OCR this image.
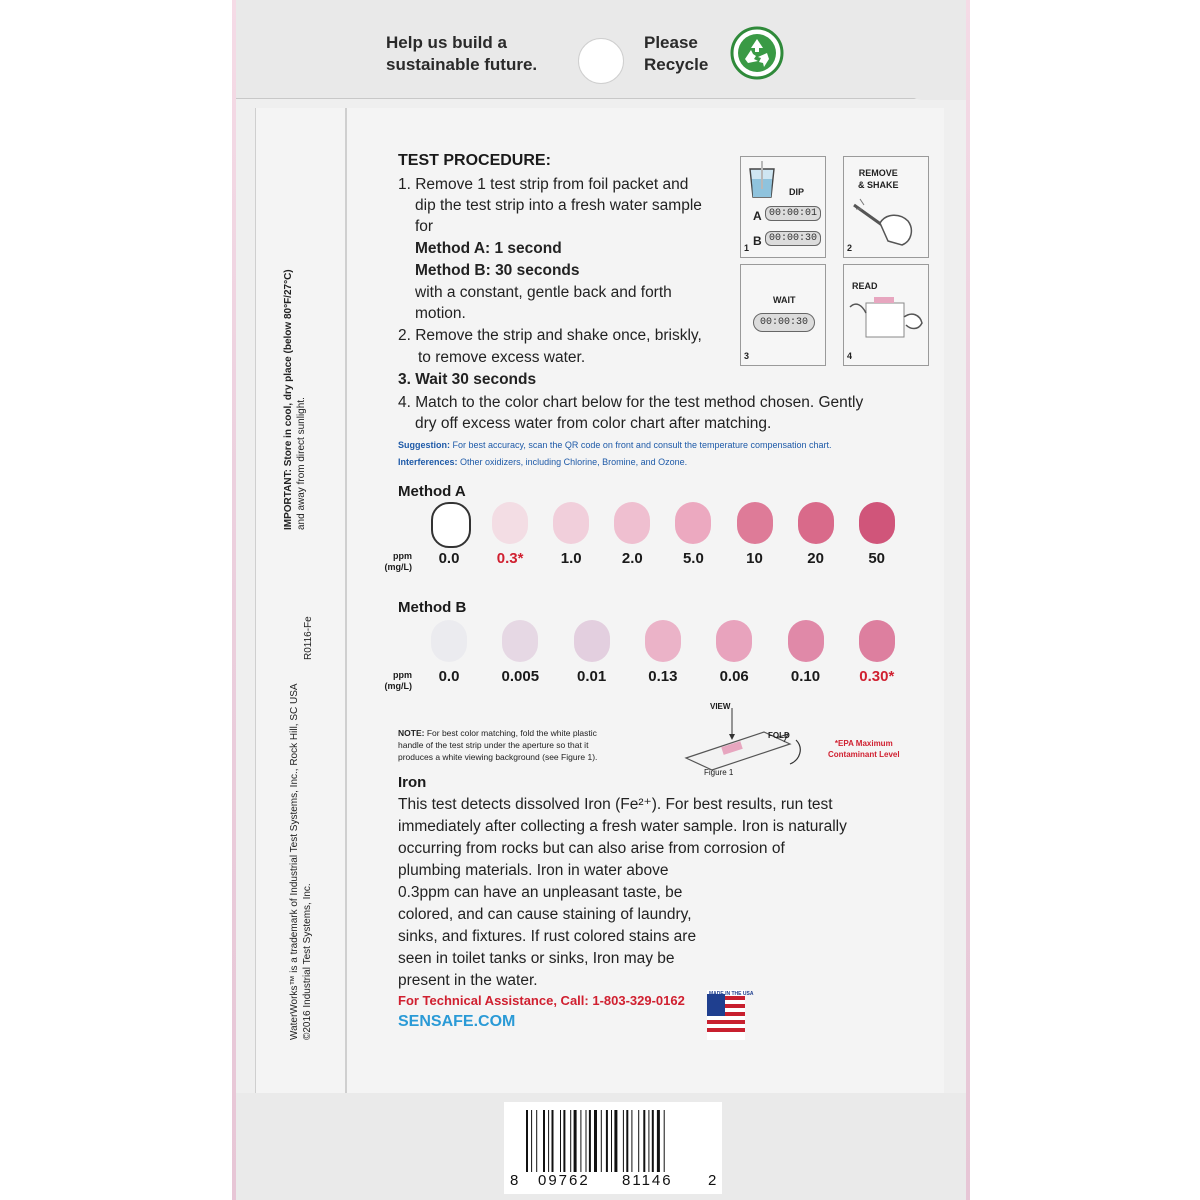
Help us build a
sustainable future.
Please
Recycle
IMPORTANT: Store in cool, dry place (below 80°F/27°C) and away from direct sunlight.
WaterWorks™ is a trademark of Industrial Test Systems, Inc., Rock Hill, SC USA ©2016 Industrial Test Systems, Inc.
R0116-Fe
TEST PROCEDURE:
1. Remove 1 test strip from foil packet and
dip the test strip into a fresh water sample
for
Method A: 1 second
Method B: 30 seconds
with a constant, gentle back and forth
motion.
2. Remove the strip and shake once, briskly,
to remove excess water.
3. Wait 30 seconds
4. Match to the color chart below for the test method chosen. Gently
dry off excess water from color chart after matching.
Suggestion: For best accuracy, scan the QR code on front and consult the temperature compensation chart.
Interferences: Other oxidizers, including Chlorine, Bromine, and Ozone.
DIP
A 00:00:01
B 00:00:30
1
REMOVE
& SHAKE
2
WAIT
00:00:30
3
READ
4
Method A
0.0	0.3*	1.0	2.0	5.0	10	20	50
ppm
(mg/L)
Method B
0.0	0.005	0.01	0.13	0.06	0.10	0.30*
ppm
(mg/L)
NOTE: For best color matching, fold the white plastic
handle of the test strip under the aperture so that it
produces a white viewing background (see Figure 1).
VIEW
FOLD
Figure 1
*EPA Maximum
Contaminant Level
Iron
This test detects dissolved Iron (Fe²⁺). For best results, run test
immediately after collecting a fresh water sample. Iron is naturally
occurring from rocks but can also arise from corrosion of
plumbing materials. Iron in water above
0.3ppm can have an unpleasant taste, be
colored, and can cause staining of laundry,
sinks, and fixtures. If rust colored stains are
seen in toilet tanks or sinks, Iron may be
present in the water.
For Technical Assistance, Call: 1-803-329-0162
SENSAFE.COM
MADE IN THE USA
8 09762 81146 2
